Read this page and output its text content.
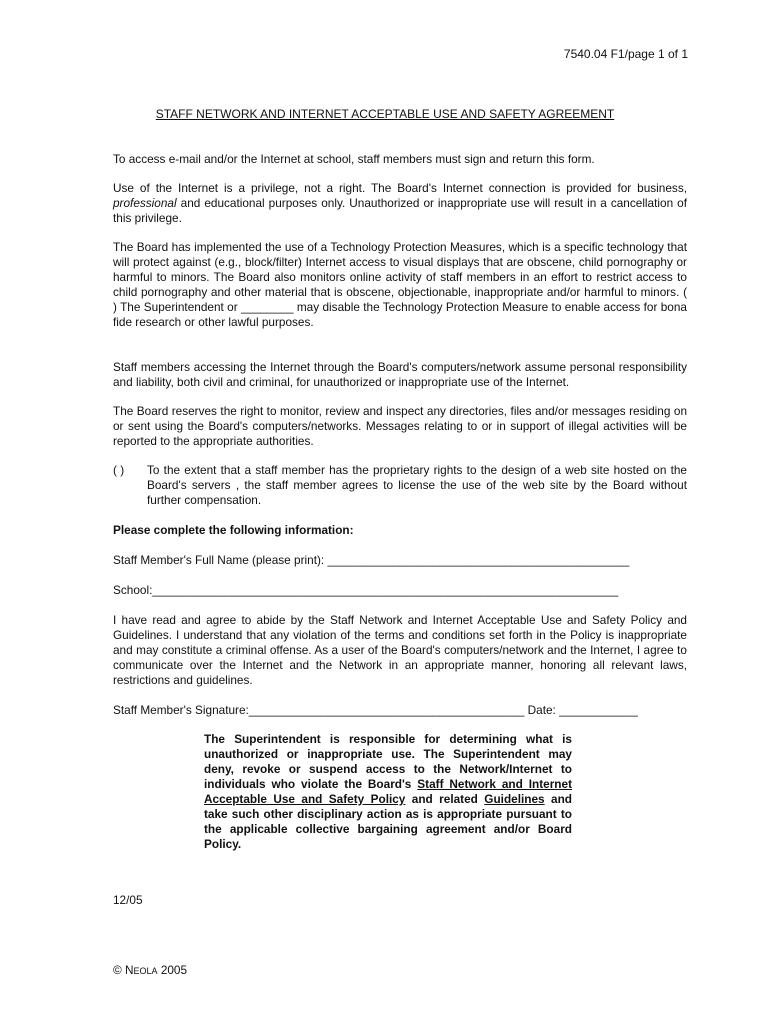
7540.04 F1/page 1 of 1
STAFF NETWORK AND INTERNET ACCEPTABLE USE AND SAFETY AGREEMENT

To access e-mail and/or the Internet at school, staff members must sign and return this form.

Use of the Internet is a privilege, not a right. The Board's Internet connection is provided for business, professional and educational purposes only. Unauthorized or inappropriate use will result in a cancellation of this privilege.

The Board has implemented the use of a Technology Protection Measures, which is a specific technology that will protect against (e.g., block/filter) Internet access to visual displays that are obscene, child pornography or harmful to minors. The Board also monitors online activity of staff members in an effort to restrict access to child pornography and other material that is obscene, objectionable, inappropriate and/or harmful to minors. ( ) The Superintendent or ________ may disable the Technology Protection Measure to enable access for bona fide research or other lawful purposes.

Staff members accessing the Internet through the Board's computers/network assume personal responsibility and liability, both civil and criminal, for unauthorized or inappropriate use of the Internet.

The Board reserves the right to monitor, review and inspect any directories, files and/or messages residing on or sent using the Board's computers/networks. Messages relating to or in support of illegal activities will be reported to the appropriate authorities.

( ) To the extent that a staff member has the proprietary rights to the design of a web site hosted on the Board's servers , the staff member agrees to license the use of the web site by the Board without further compensation.

Please complete the following information:

Staff Member's Full Name (please print): ______________________________________________

School:_______________________________________________________________________

I have read and agree to abide by the Staff Network and Internet Acceptable Use and Safety Policy and Guidelines. I understand that any violation of the terms and conditions set forth in the Policy is inappropriate and may constitute a criminal offense. As a user of the Board's computers/network and the Internet, I agree to communicate over the Internet and the Network in an appropriate manner, honoring all relevant laws, restrictions and guidelines.

Staff Member's Signature:__________________________________________ Date: ____________

The Superintendent is responsible for determining what is unauthorized or inappropriate use. The Superintendent may deny, revoke or suspend access to the Network/Internet to individuals who violate the Board's Staff Network and Internet Acceptable Use and Safety Policy and related Guidelines and take such other disciplinary action as is appropriate pursuant to the applicable collective bargaining agreement and/or Board Policy.

12/05

© NEOLA 2005
